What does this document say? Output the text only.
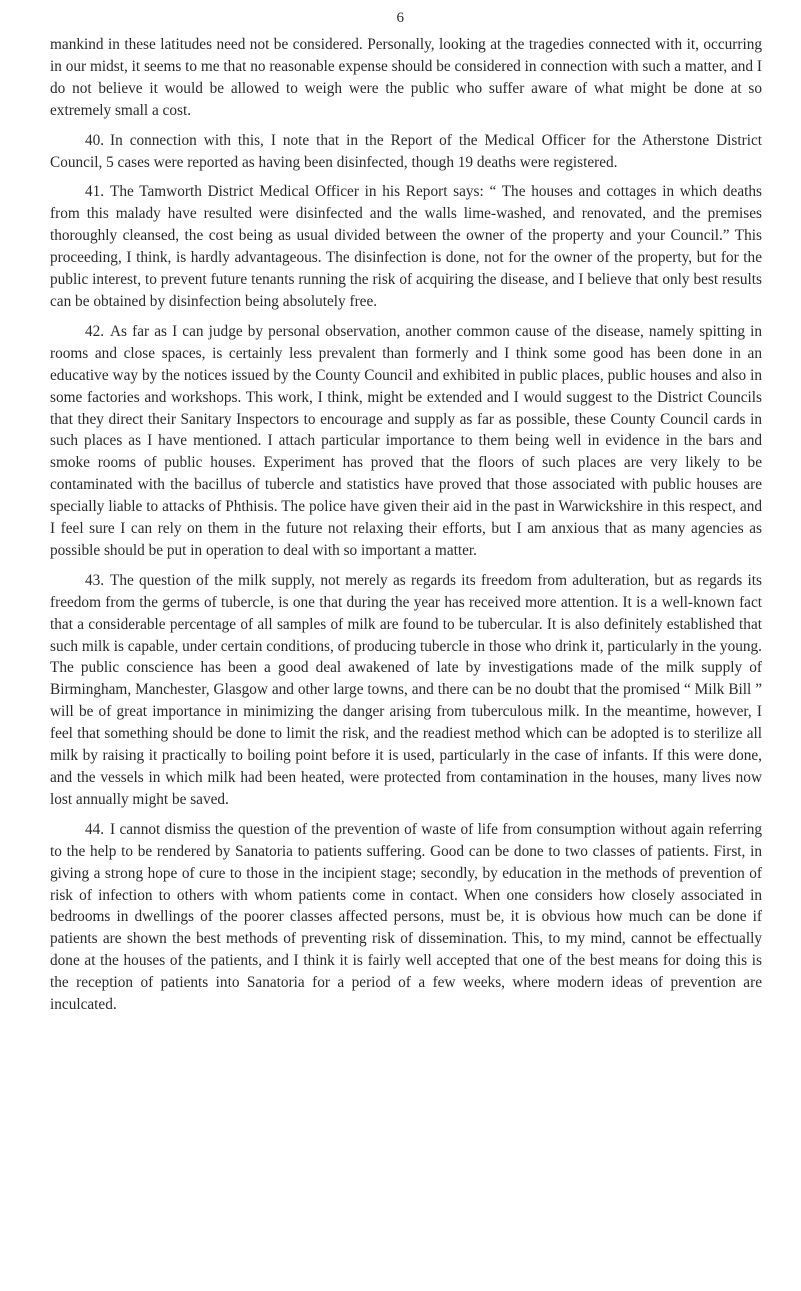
6

mankind in these latitudes need not be considered. Personally, looking at the tragedies connected with it, occurring in our midst, it seems to me that no reasonable expense should be considered in connection with such a matter, and I do not believe it would be allowed to weigh were the public who suffer aware of what might be done at so extremely small a cost.

40. In connection with this, I note that in the Report of the Medical Officer for the Atherstone District Council, 5 cases were reported as having been disinfected, though 19 deaths were registered.

41. The Tamworth District Medical Officer in his Report says: “ The houses and cottages in which deaths from this malady have resulted were disinfected and the walls lime-washed, and renovated, and the premises thoroughly cleansed, the cost being as usual divided between the owner of the property and your Council.” This proceeding, I think, is hardly advantageous. The disinfection is done, not for the owner of the property, but for the public interest, to prevent future tenants running the risk of acquiring the disease, and I believe that only best results can be obtained by disinfection being absolutely free.

42. As far as I can judge by personal observation, another common cause of the disease, namely spitting in rooms and close spaces, is certainly less prevalent than formerly and I think some good has been done in an educative way by the notices issued by the County Council and exhibited in public places, public houses and also in some factories and workshops. This work, I think, might be extended and I would suggest to the District Councils that they direct their Sanitary Inspectors to encourage and supply as far as possible, these County Council cards in such places as I have mentioned. I attach particular importance to them being well in evidence in the bars and smoke rooms of public houses. Experiment has proved that the floors of such places are very likely to be contaminated with the bacillus of tubercle and statistics have proved that those associated with public houses are specially liable to attacks of Phthisis. The police have given their aid in the past in Warwickshire in this respect, and I feel sure I can rely on them in the future not relaxing their efforts, but I am anxious that as many agencies as possible should be put in operation to deal with so important a matter.

43. The question of the milk supply, not merely as regards its freedom from adulteration, but as regards its freedom from the germs of tubercle, is one that during the year has received more attention. It is a well-known fact that a considerable percentage of all samples of milk are found to be tubercular. It is also definitely established that such milk is capable, under certain conditions, of producing tubercle in those who drink it, particularly in the young. The public conscience has been a good deal awakened of late by investigations made of the milk supply of Birmingham, Manchester, Glasgow and other large towns, and there can be no doubt that the promised “ Milk Bill ” will be of great importance in minimizing the danger arising from tuberculous milk. In the meantime, however, I feel that something should be done to limit the risk, and the readiest method which can be adopted is to sterilize all milk by raising it practically to boiling point before it is used, particularly in the case of infants. If this were done, and the vessels in which milk had been heated, were protected from contamination in the houses, many lives now lost annually might be saved.

44. I cannot dismiss the question of the prevention of waste of life from consumption without again referring to the help to be rendered by Sanatoria to patients suffering. Good can be done to two classes of patients. First, in giving a strong hope of cure to those in the incipient stage; secondly, by education in the methods of prevention of risk of infection to others with whom patients come in contact. When one considers how closely associated in bedrooms in dwellings of the poorer classes affected persons, must be, it is obvious how much can be done if patients are shown the best methods of preventing risk of dissemination. This, to my mind, cannot be effectually done at the houses of the patients, and I think it is fairly well accepted that one of the best means for doing this is the reception of patients into Sanatoria for a period of a few weeks, where modern ideas of prevention are inculcated.
